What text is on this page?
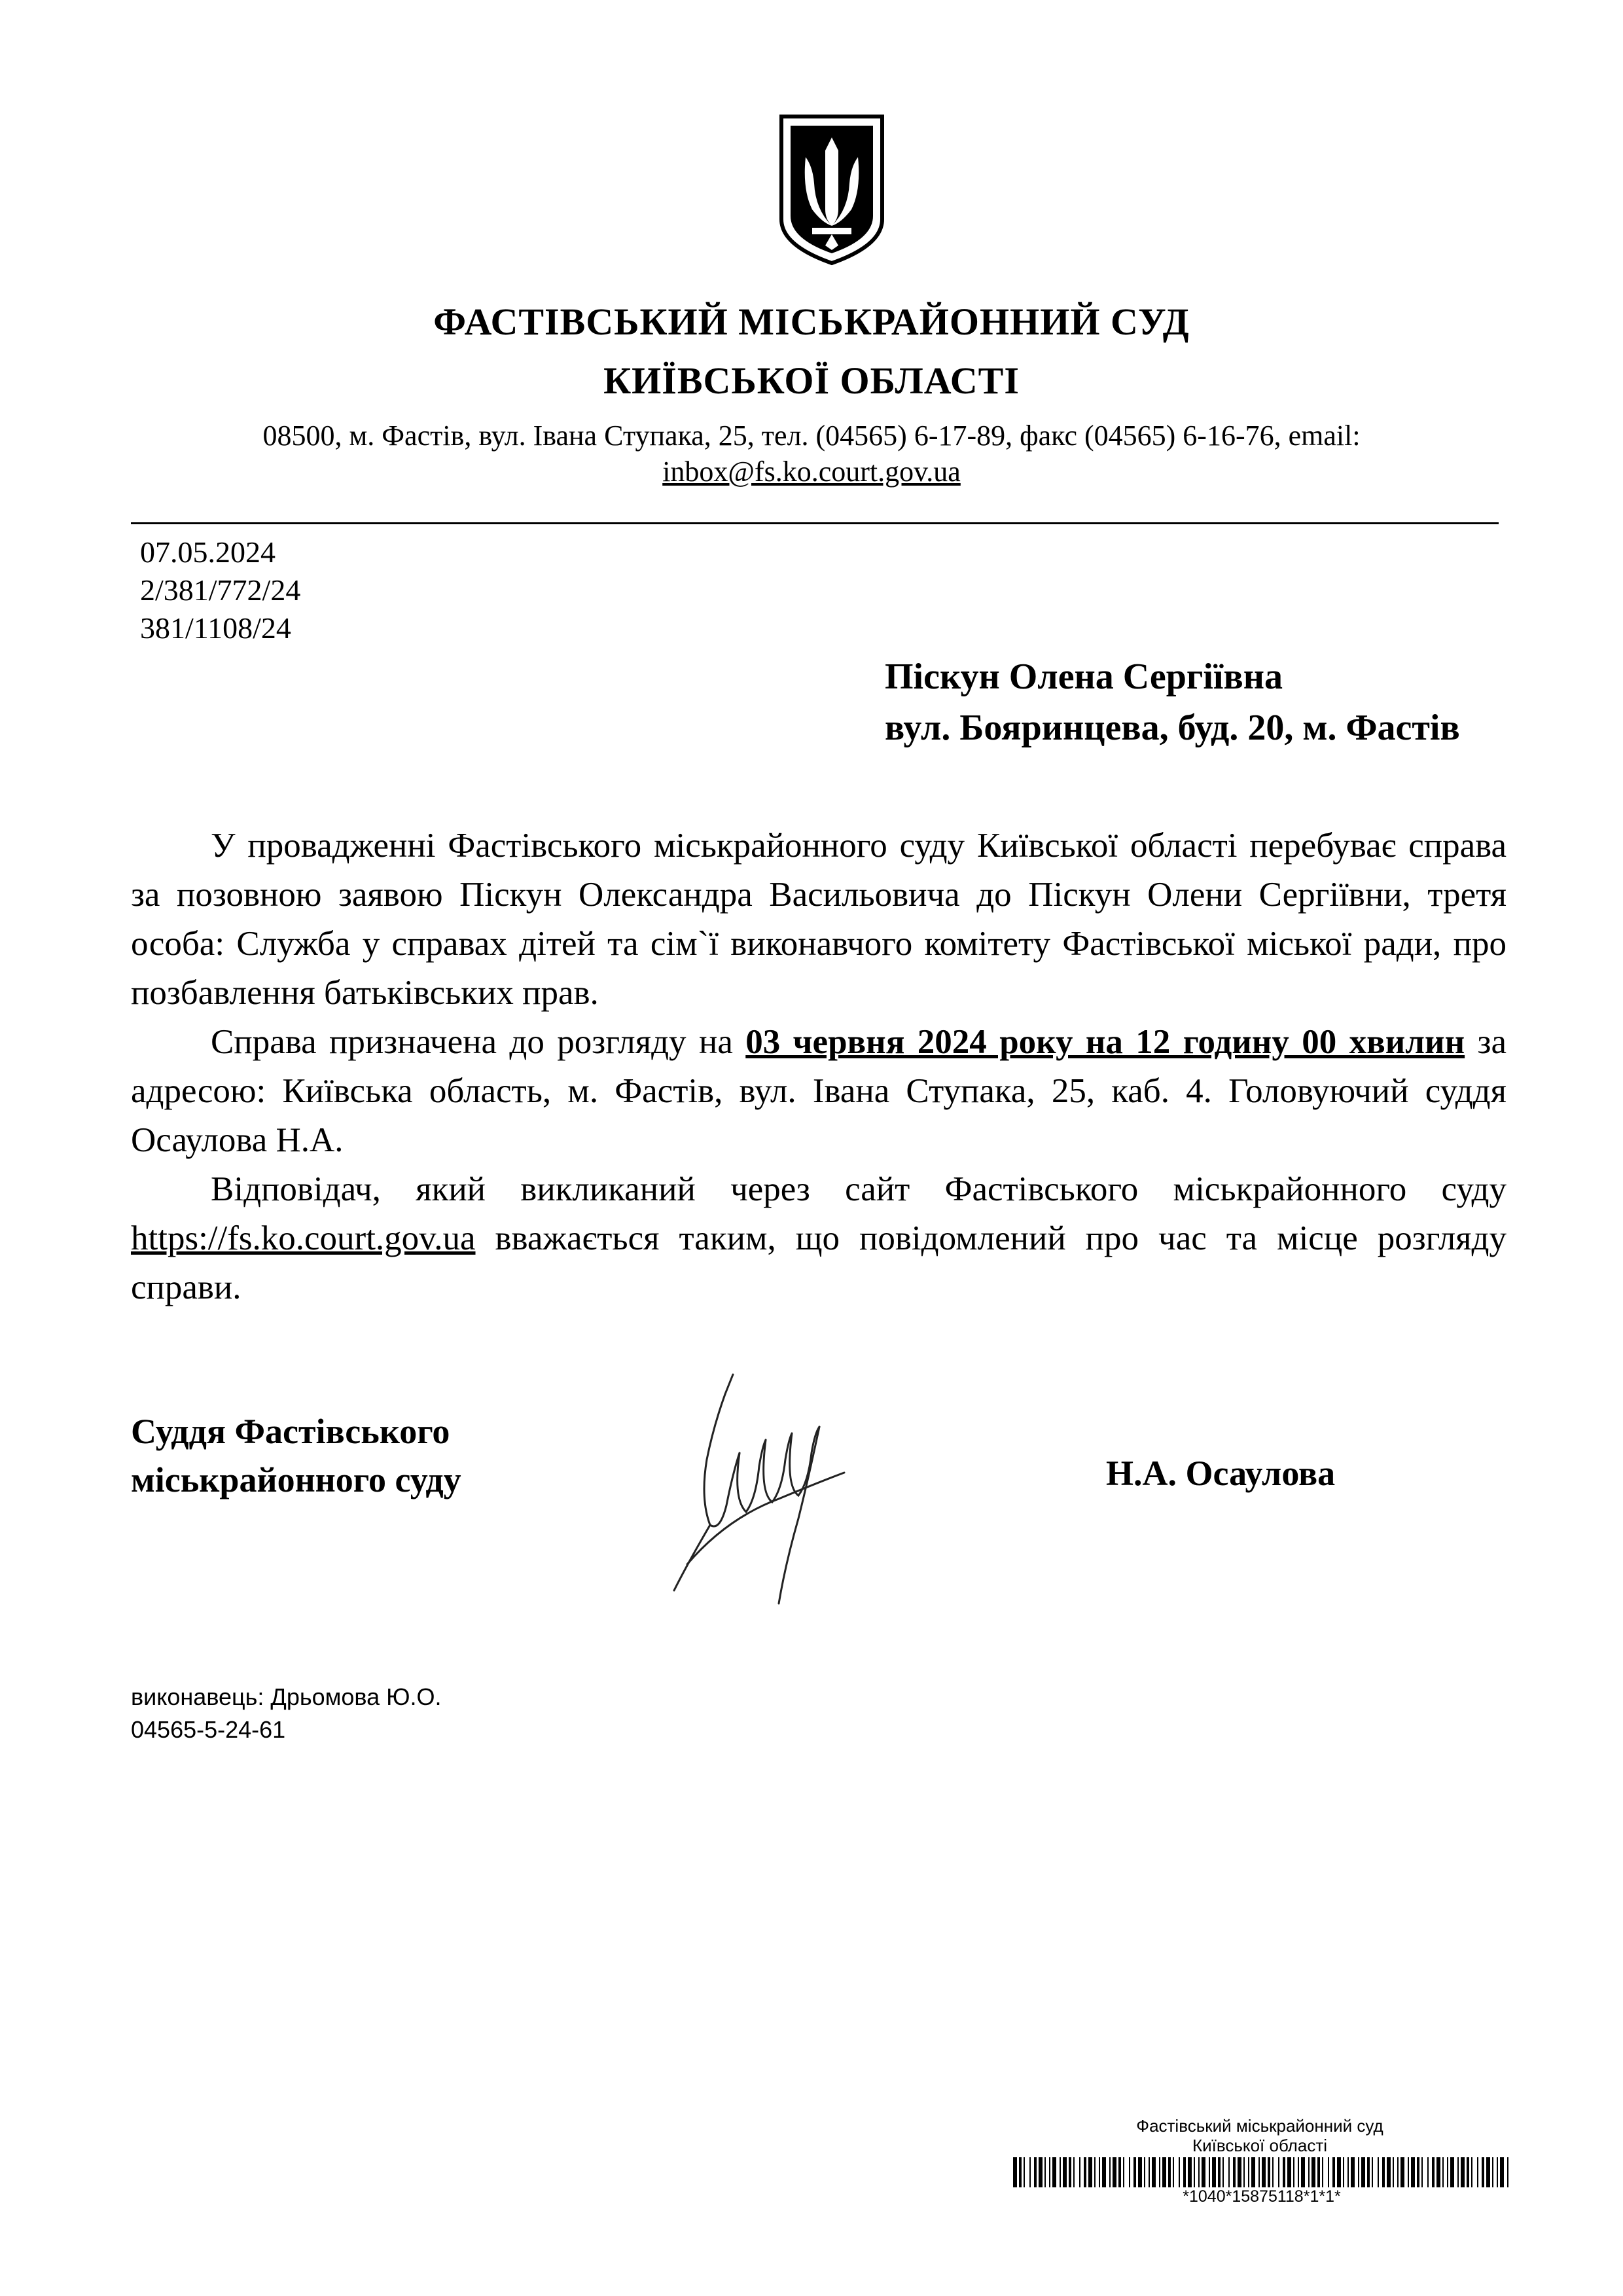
ФАСТІВСЬКИЙ МІСЬКРАЙОННИЙ СУД
КИЇВСЬКОЇ ОБЛАСТІ
08500, м. Фастів, вул. Івана Ступака, 25, тел. (04565) 6-17-89, факс (04565) 6-16-76, email:
inbox@fs.ko.court.gov.ua
07.05.2024
2/381/772/24
381/1108/24
Піскун Олена Сергіївна
вул. Бояринцева, буд. 20, м. Фастів

У провадженні Фастівського міськрайонного суду Київської області перебуває справа за позовною заявою Піскун Олександра Васильовича до Піскун Олени Сергіївни, третя особа: Служба у справах дітей та сім`ї виконавчого комітету Фастівської міської ради, про позбавлення батьківських прав.

Справа призначена до розгляду на 03 червня 2024 року на 12 годину 00 хвилин за адресою: Київська область, м. Фастів, вул. Івана Ступака, 25, каб. 4. Головуючий суддя Осаулова Н.А.

Відповідач, який викликаний через сайт Фастівського міськрайонного суду https://fs.ko.court.gov.ua вважається таким, що повідомлений про час та місце розгляду справи.

Суддя Фастівського
міськрайонного суду	Н.А. Осаулова
виконавець: Дрьомова Ю.О.
04565-5-24-61
Фастівський міськрайонний суд
Київської області
*1040*15875118*1*1*
